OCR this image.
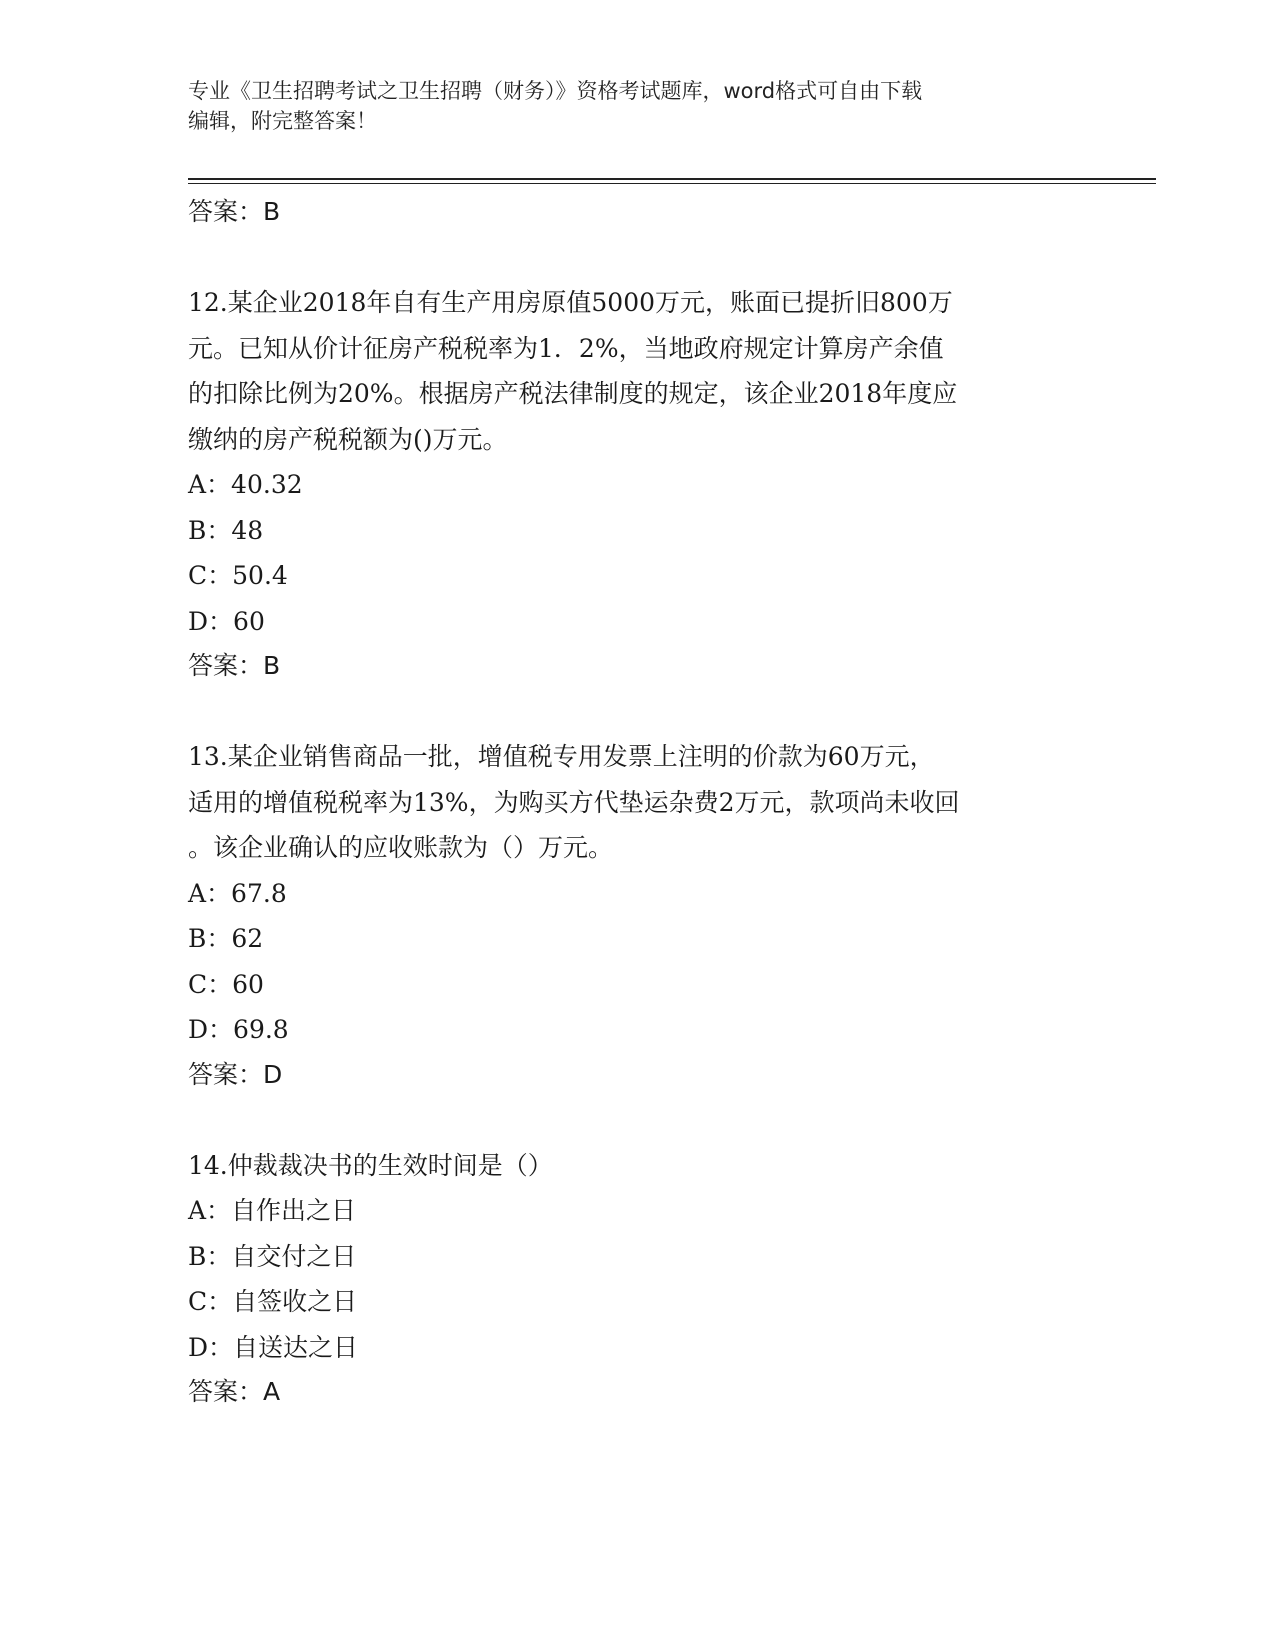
专业《卫生招聘考试之卫生招聘（财务）》资格考试题库，word格式可自由下载
编辑，附完整答案！

答案：B

12.某企业2018年自有生产用房原值5000万元，账面已提折旧800万

元。已知从价计征房产税税率为1．2%，当地政府规定计算房产余值

的扣除比例为20%。根据房产税法律制度的规定，该企业2018年度应

缴纳的房产税税额为()万元。

A：40.32

B：48

C：50.4

D：60

答案：B

13.某企业销售商品一批，增值税专用发票上注明的价款为60万元，

适用的增值税税率为13%，为购买方代垫运杂费2万元，款项尚未收回

。该企业确认的应收账款为（）万元。

A：67.8

B：62

C：60

D：69.8

答案：D

14.仲裁裁决书的生效时间是（）

A：自作出之日

B：自交付之日

C：自签收之日

D：自送达之日

答案：A
